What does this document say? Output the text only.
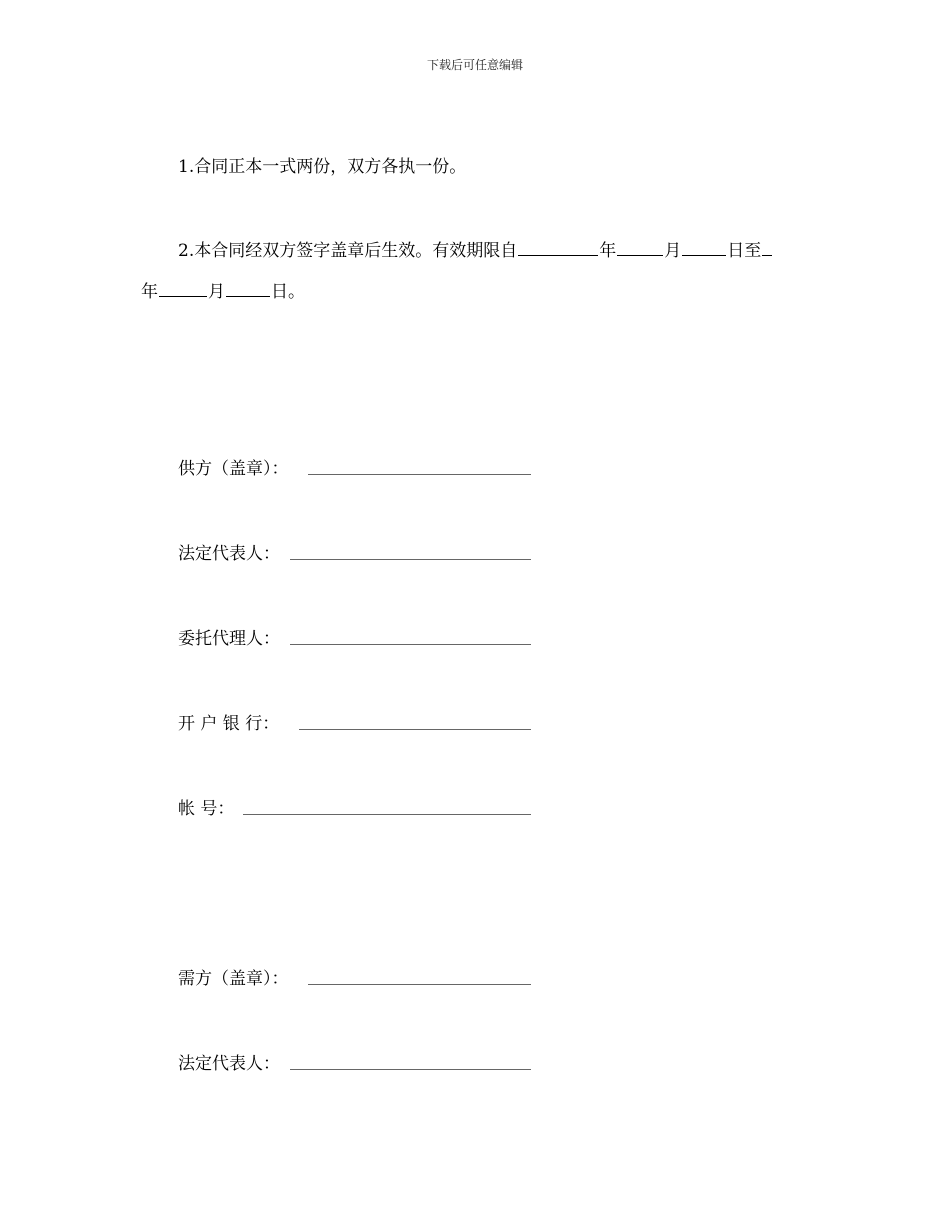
下载后可任意编辑
1.合同正本一式两份，双方各执一份。
2.本合同经双方签字盖章后生效。有效期限自	年	月	日至
年	月	日。
供方（盖章）：
法定代表人：
委托代理人：
开 户 银 行：
帐 号：
需方（盖章）：
法定代表人：
